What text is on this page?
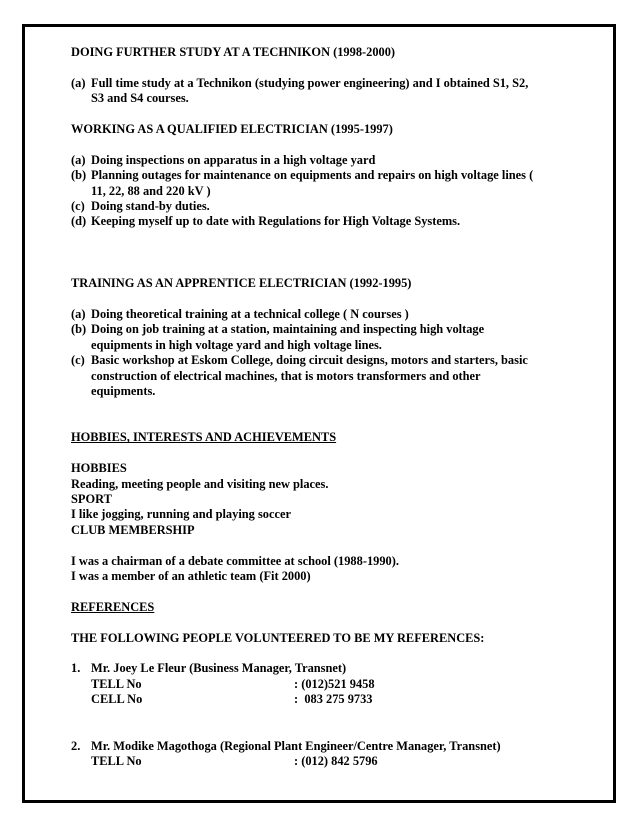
DOING FURTHER STUDY AT A TECHNIKON (1998-2000)

(a) Full time study at a Technikon (studying power engineering) and I obtained S1, S2, S3 and S4 courses.

WORKING AS A QUALIFIED ELECTRICIAN (1995-1997)

(a) Doing inspections on apparatus in a high voltage yard
(b) Planning outages for maintenance on equipments and repairs on high voltage lines ( 11, 22, 88 and 220 kV )
(c) Doing stand-by duties.
(d) Keeping myself up to date with Regulations for High Voltage Systems.

TRAINING AS AN APPRENTICE ELECTRICIAN (1992-1995)

(a) Doing theoretical training at a technical college ( N courses )
(b) Doing on job training at a station, maintaining and inspecting high voltage equipments in high voltage yard and high voltage lines.
(c) Basic workshop at Eskom College, doing circuit designs, motors and starters, basic construction of electrical machines, that is motors transformers and other equipments.

HOBBIES, INTERESTS AND ACHIEVEMENTS

HOBBIES

Reading, meeting people and visiting new places.

SPORT

I like jogging, running and playing soccer

CLUB MEMBERSHIP

I was a chairman of a debate committee at school (1988-1990).

I was a member of an athletic team (Fit 2000)

REFERENCES

THE FOLLOWING PEOPLE VOLUNTEERED TO BE MY REFERENCES:

1. Mr. Joey Le Fleur (Business Manager, Transnet)
TELL No	: (012)521 9458
CELL No	:  083 275 9733
2. Mr. Modike Magothoga (Regional Plant Engineer/Centre Manager, Transnet)
TELL No	: (012) 842 5796
